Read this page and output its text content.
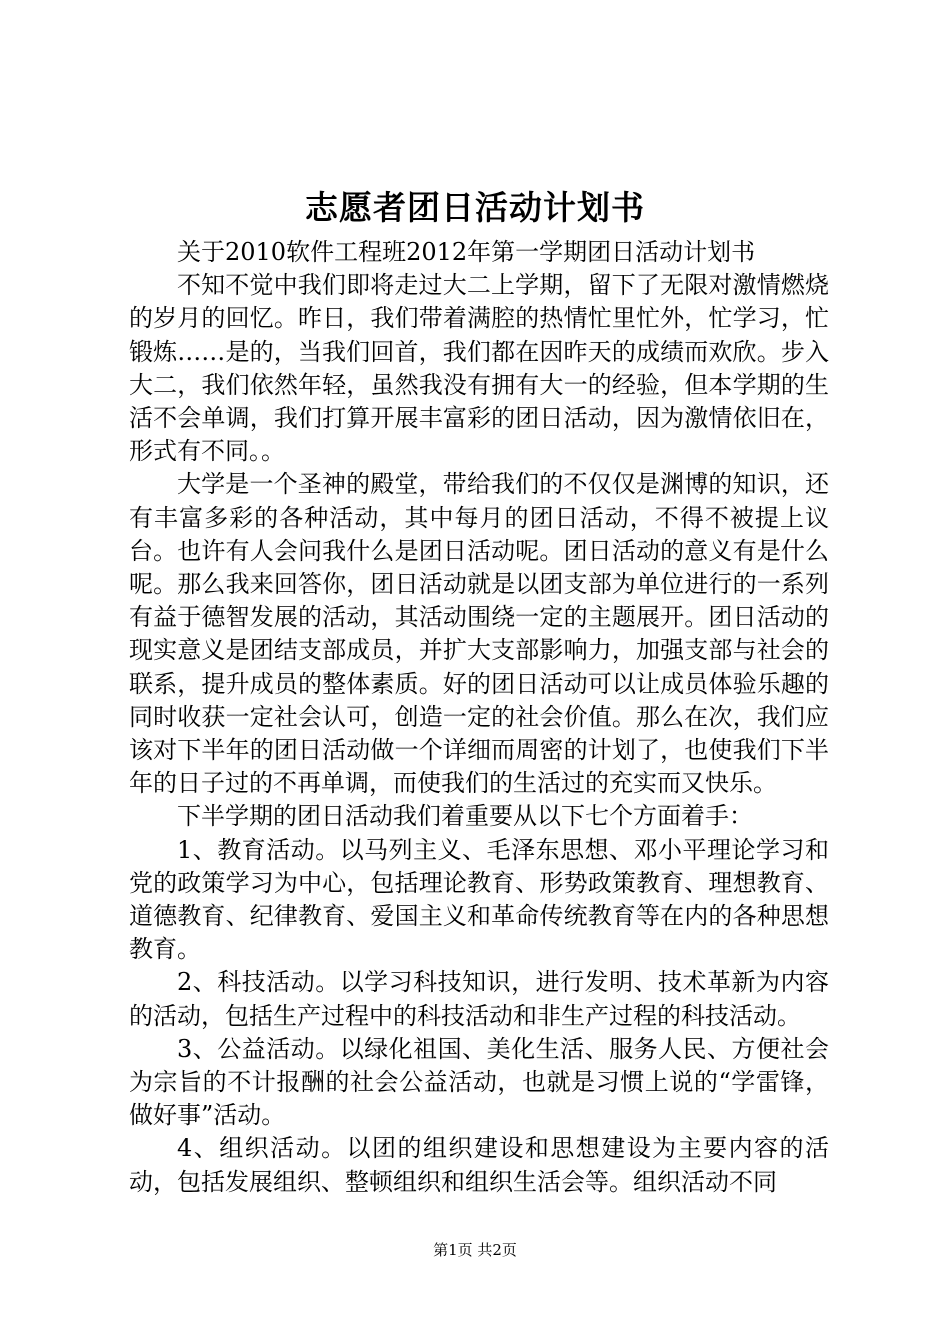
志愿者团日活动计划书

关于2010软件工程班2012年第一学期团日活动计划书

不知不觉中我们即将走过大二上学期，留下了无限对激情燃烧的岁月的回忆。昨日，我们带着满腔的热情忙里忙外，忙学习，忙锻炼……是的，当我们回首，我们都在因昨天的成绩而欢欣。步入大二，我们依然年轻，虽然我没有拥有大一的经验，但本学期的生活不会单调，我们打算开展丰富彩的团日活动，因为激情依旧在，形式有不同。。

大学是一个圣神的殿堂，带给我们的不仅仅是渊博的知识，还有丰富多彩的各种活动，其中每月的团日活动，不得不被提上议台。也许有人会问我什么是团日活动呢。团日活动的意义有是什么呢。那么我来回答你，团日活动就是以团支部为单位进行的一系列有益于德智发展的活动，其活动围绕一定的主题展开。团日活动的现实意义是团结支部成员，并扩大支部影响力，加强支部与社会的联系，提升成员的整体素质。好的团日活动可以让成员体验乐趣的同时收获一定社会认可，创造一定的社会价值。那么在次，我们应该对下半年的团日活动做一个详细而周密的计划了，也使我们下半年的日子过的不再单调，而使我们的生活过的充实而又快乐。

下半学期的团日活动我们着重要从以下七个方面着手：

1、教育活动。以马列主义、毛泽东思想、邓小平理论学习和党的政策学习为中心，包括理论教育、形势政策教育、理想教育、道德教育、纪律教育、爱国主义和革命传统教育等在内的各种思想教育。

2、科技活动。以学习科技知识，进行发明、技术革新为内容的活动，包括生产过程中的科技活动和非生产过程的科技活动。

3、公益活动。以绿化祖国、美化生活、服务人民、方便社会为宗旨的不计报酬的社会公益活动，也就是习惯上说的“学雷锋，做好事”活动。

4、组织活动。以团的组织建设和思想建设为主要内容的活动，包括发展组织、整顿组织和组织生活会等。组织活动不同

第1页 共2页
